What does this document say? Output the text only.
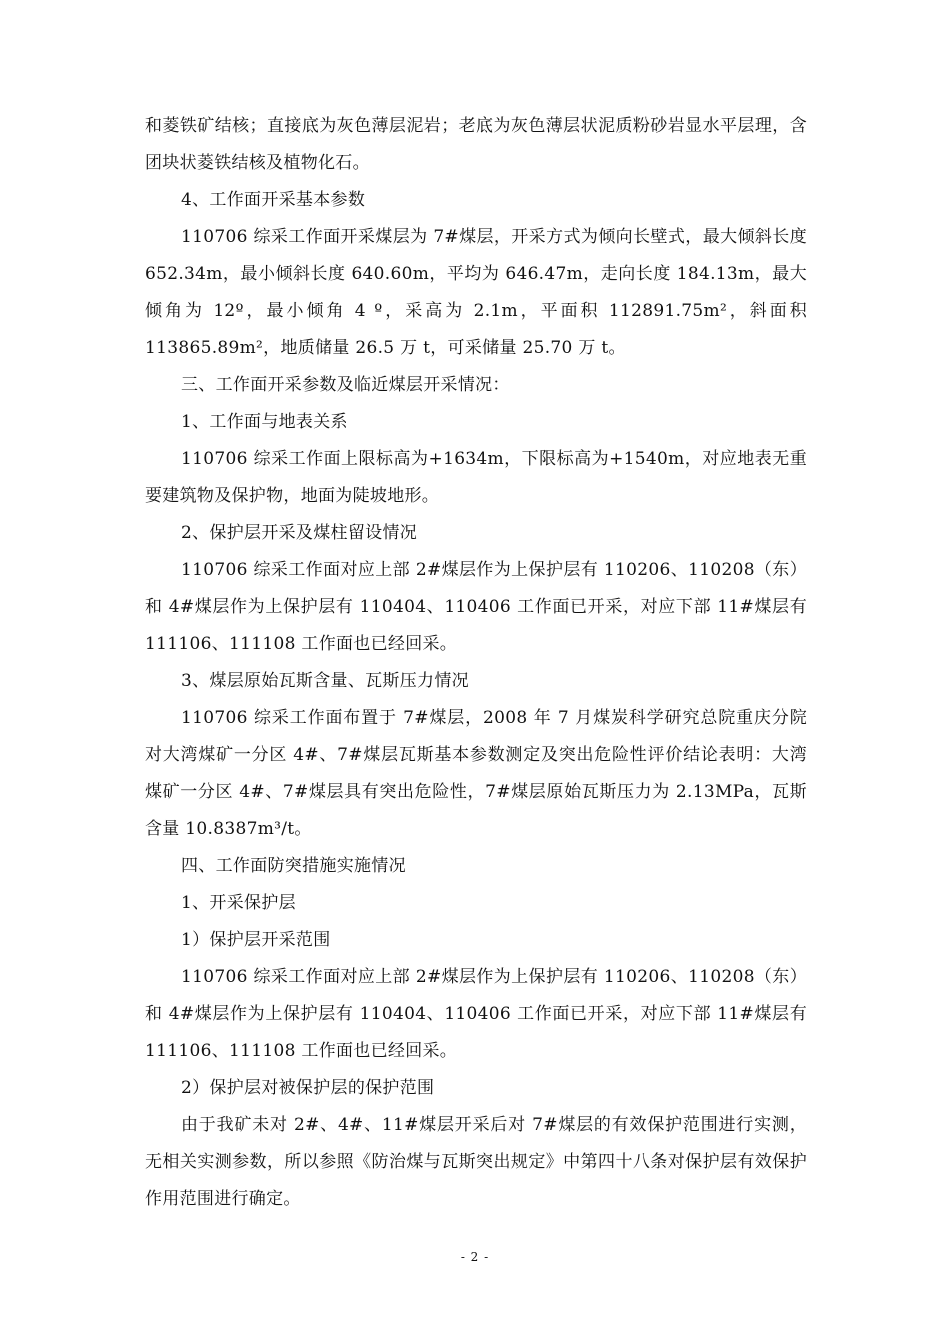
和菱铁矿结核；直接底为灰色薄层泥岩；老底为灰色薄层状泥质粉砂岩显水平层理，含团块状菱铁结核及植物化石。

4、工作面开采基本参数

110706 综采工作面开采煤层为 7#煤层，开采方式为倾向长壁式，最大倾斜长度 652.34m，最小倾斜长度 640.60m，平均为 646.47m，走向长度 184.13m，最大倾角为 12º，最小倾角 4 º，采高为 2.1m，平面积 112891.75m²，斜面积 113865.89m²，地质储量 26.5 万 t，可采储量 25.70 万 t。

三、工作面开采参数及临近煤层开采情况：

1、工作面与地表关系

110706 综采工作面上限标高为+1634m，下限标高为+1540m，对应地表无重要建筑物及保护物，地面为陡坡地形。

2、保护层开采及煤柱留设情况

110706 综采工作面对应上部 2#煤层作为上保护层有 110206、110208（东）和 4#煤层作为上保护层有 110404、110406 工作面已开采，对应下部 11#煤层有 111106、111108 工作面也已经回采。

3、煤层原始瓦斯含量、瓦斯压力情况

110706 综采工作面布置于 7#煤层，2008 年 7 月煤炭科学研究总院重庆分院对大湾煤矿一分区 4#、7#煤层瓦斯基本参数测定及突出危险性评价结论表明：大湾煤矿一分区 4#、7#煤层具有突出危险性，7#煤层原始瓦斯压力为 2.13MPa，瓦斯含量 10.8387m³/t。

四、工作面防突措施实施情况

1、开采保护层

1）保护层开采范围

110706 综采工作面对应上部 2#煤层作为上保护层有 110206、110208（东）和 4#煤层作为上保护层有 110404、110406 工作面已开采，对应下部 11#煤层有 111106、111108 工作面也已经回采。

2）保护层对被保护层的保护范围

由于我矿未对 2#、4#、11#煤层开采后对 7#煤层的有效保护范围进行实测，无相关实测参数，所以参照《防治煤与瓦斯突出规定》中第四十八条对保护层有效保护作用范围进行确定。

- 2 -
